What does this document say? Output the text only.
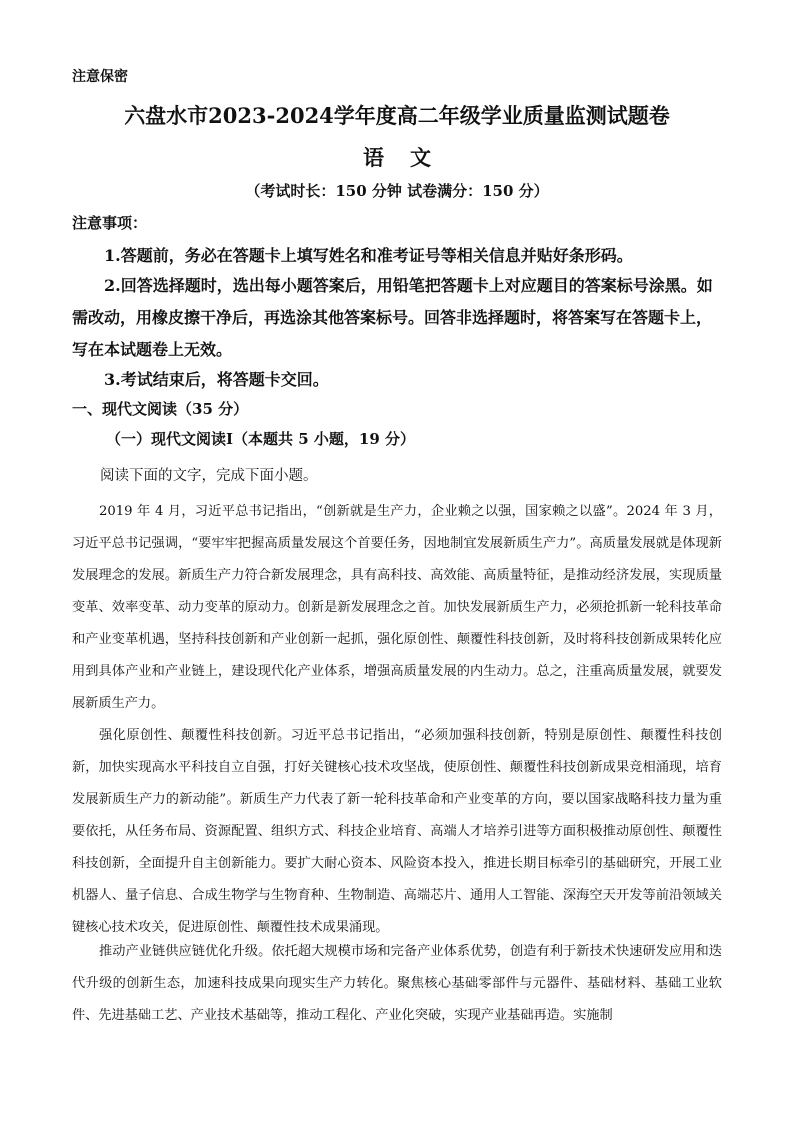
注意保密
六盘水市2023-2024学年度高二年级学业质量监测试题卷
语文
（考试时长：150 分钟 试卷满分：150 分）
注意事项：
1.答题前，务必在答题卡上填写姓名和准考证号等相关信息并贴好条形码。
2.回答选择题时，选出每小题答案后，用铅笔把答题卡上对应题目的答案标号涂黑。如需改动，用橡皮擦干净后，再选涂其他答案标号。回答非选择题时，将答案写在答题卡上，写在本试题卷上无效。
3.考试结束后，将答题卡交回。
一、现代文阅读（35 分）
（一）现代文阅读Ⅰ（本题共 5 小题，19 分）
阅读下面的文字，完成下面小题。
2019 年 4 月，习近平总书记指出，“创新就是生产力，企业赖之以强，国家赖之以盛”。2024 年 3 月，习近平总书记强调，“要牢牢把握高质量发展这个首要任务，因地制宜发展新质生产力”。高质量发展就是体现新发展理念的发展。新质生产力符合新发展理念，具有高科技、高效能、高质量特征，是推动经济发展，实现质量变革、效率变革、动力变革的原动力。创新是新发展理念之首。加快发展新质生产力，必须抢抓新一轮科技革命和产业变革机遇，坚持科技创新和产业创新一起抓，强化原创性、颠覆性科技创新，及时将科技创新成果转化应用到具体产业和产业链上，建设现代化产业体系，增强高质量发展的内生动力。总之，注重高质量发展，就要发展新质生产力。
强化原创性、颠覆性科技创新。习近平总书记指出，“必须加强科技创新，特别是原创性、颠覆性科技创新，加快实现高水平科技自立自强，打好关键核心技术攻坚战，使原创性、颠覆性科技创新成果竞相涌现，培育发展新质生产力的新动能”。新质生产力代表了新一轮科技革命和产业变革的方向，要以国家战略科技力量为重要依托，从任务布局、资源配置、组织方式、科技企业培育、高端人才培养引进等方面积极推动原创性、颠覆性科技创新，全面提升自主创新能力。要扩大耐心资本、风险资本投入，推进长期目标牵引的基础研究，开展工业机器人、量子信息、合成生物学与生物育种、生物制造、高端芯片、通用人工智能、深海空天开发等前沿领域关键核心技术攻关，促进原创性、颠覆性技术成果涌现。
推动产业链供应链优化升级。依托超大规模市场和完备产业体系优势，创造有利于新技术快速研发应用和迭代升级的创新生态，加速科技成果向现实生产力转化。聚焦核心基础零部件与元器件、基础材料、基础工业软件、先进基础工艺、产业技术基础等，推动工程化、产业化突破，实现产业基础再造。实施制
